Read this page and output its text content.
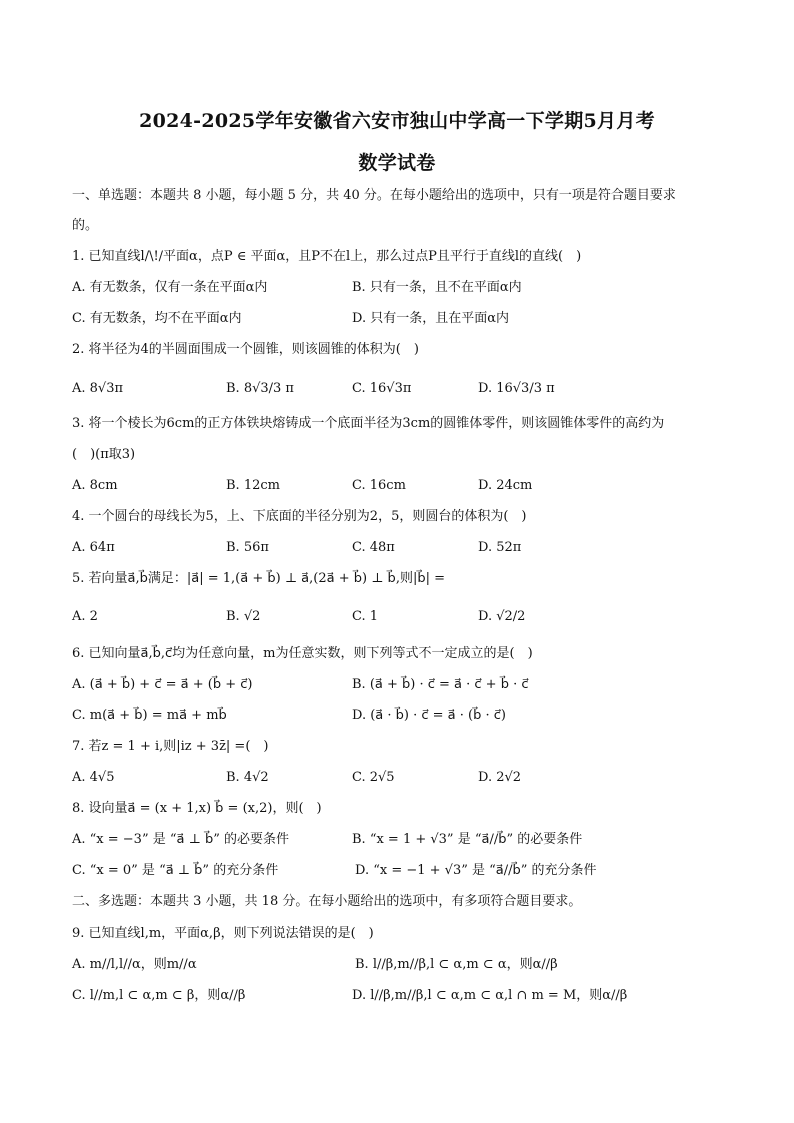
2024-2025学年安徽省六安市独山中学高一下学期5月月考
数学试卷
一、单选题：本题共 8 小题，每小题 5 分，共 40 分。在每小题给出的选项中，只有一项是符合题目要求
的。
1. 已知直线l/\!/平面α，点P ∈ 平面α，且P不在l上，那么过点P且平行于直线l的直线(　)
A. 有无数条，仅有一条在平面α内	B. 只有一条，且不在平面α内
C. 有无数条，均不在平面α内	D. 只有一条，且在平面α内
2. 将半径为4的半圆面围成一个圆锥，则该圆锥的体积为(　)
A. 8√3π	B. 8√3/3 π	C. 16√3π	D. 16√3/3 π
3. 将一个棱长为6cm的正方体铁块熔铸成一个底面半径为3cm的圆锥体零件，则该圆锥体零件的高约为
(　)(π取3)
A. 8cm	B. 12cm	C. 16cm	D. 24cm
4. 一个圆台的母线长为5，上、下底面的半径分别为2，5，则圆台的体积为(　)
A. 64π	B. 56π	C. 48π	D. 52π
5. 若向量a⃗,b⃗满足：|a⃗| = 1,(a⃗ + b⃗) ⊥ a⃗,(2a⃗ + b⃗) ⊥ b⃗,则|b⃗| =
A. 2	B. √2	C. 1	D. √2/2
6. 已知向量a⃗,b⃗,c⃗均为任意向量，m为任意实数，则下列等式不一定成立的是(　)
A. (a⃗ + b⃗) + c⃗ = a⃗ + (b⃗ + c⃗)	B. (a⃗ + b⃗) · c⃗ = a⃗ · c⃗ + b⃗ · c⃗
C. m(a⃗ + b⃗) = ma⃗ + mb⃗	D. (a⃗ · b⃗) · c⃗ = a⃗ · (b⃗ · c⃗)
7. 若z = 1 + i,则|iz + 3z̄| =(　)
A. 4√5	B. 4√2	C. 2√5	D. 2√2
8. 设向量a⃗ = (x + 1,x) b⃗ = (x,2)，则(　)
A. “x = −3” 是 “a⃗ ⊥ b⃗” 的必要条件	B. “x = 1 + √3” 是 “a⃗//b⃗” 的必要条件
C. “x = 0” 是 “a⃗ ⊥ b⃗” 的充分条件	D. “x = −1 + √3” 是 “a⃗//b⃗” 的充分条件
二、多选题：本题共 3 小题，共 18 分。在每小题给出的选项中，有多项符合题目要求。
9. 已知直线l,m，平面α,β，则下列说法错误的是(　)
A. m//l,l//α，则m//α	B. l//β,m//β,l ⊂ α,m ⊂ α，则α//β
C. l//m,l ⊂ α,m ⊂ β，则α//β	D. l//β,m//β,l ⊂ α,m ⊂ α,l ∩ m = M，则α//β
